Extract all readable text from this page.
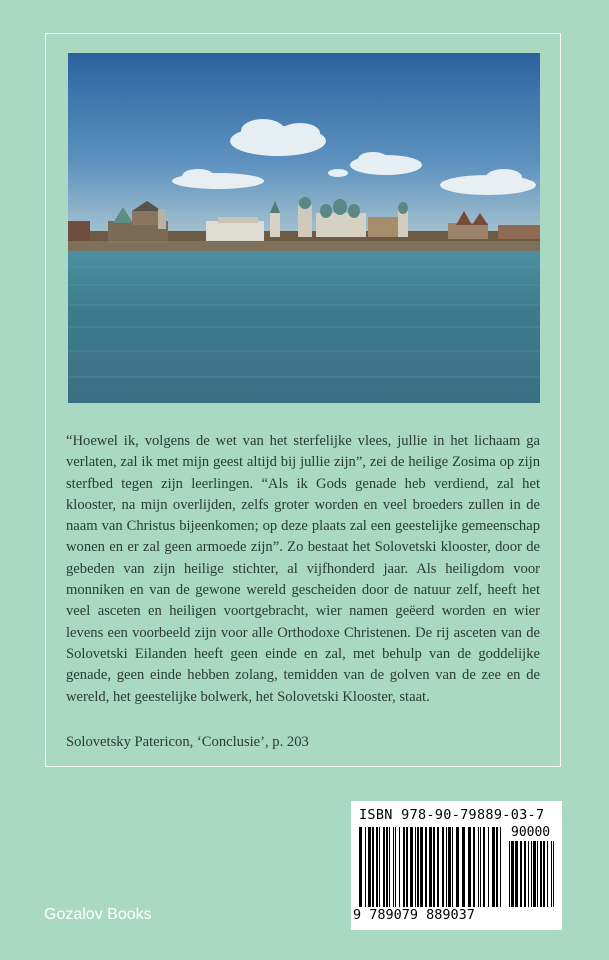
“Hoewel ik, volgens de wet van het sterfelijke vlees, jullie in het lichaam ga verlaten, zal ik met mijn geest altijd bij jullie zijn”, zei de heilige Zosima op zijn sterfbed tegen zijn leerlingen. “Als ik Gods genade heb verdiend, zal het klooster, na mijn overlijden, zelfs groter worden en veel broeders zullen in de naam van Christus bijeenkomen; op deze plaats zal een geestelijke gemeenschap wonen en er zal geen armoede zijn”. Zo bestaat het Solovetski klooster, door de gebeden van zijn heilige stichter, al vijfhonderd jaar. Als heiligdom voor monniken en van de gewone wereld gescheiden door de natuur zelf, heeft het veel asceten en heiligen voortgebracht, wier namen geëerd worden en wier levens een voorbeeld zijn voor alle Orthodoxe Christenen. De rij asceten van de Solovetski Eilanden heeft geen einde en zal, met behulp van de goddelijke genade, geen einde hebben zolang, temidden van de golven van de zee en de wereld, het geestelijke bolwerk, het Solovetski Klooster, staat.

Solovetsky Patericon, ‘Conclusie’, p. 203
ISBN 978-90-79889-03-7
90000
9 789079 889037
Gozalov Books
